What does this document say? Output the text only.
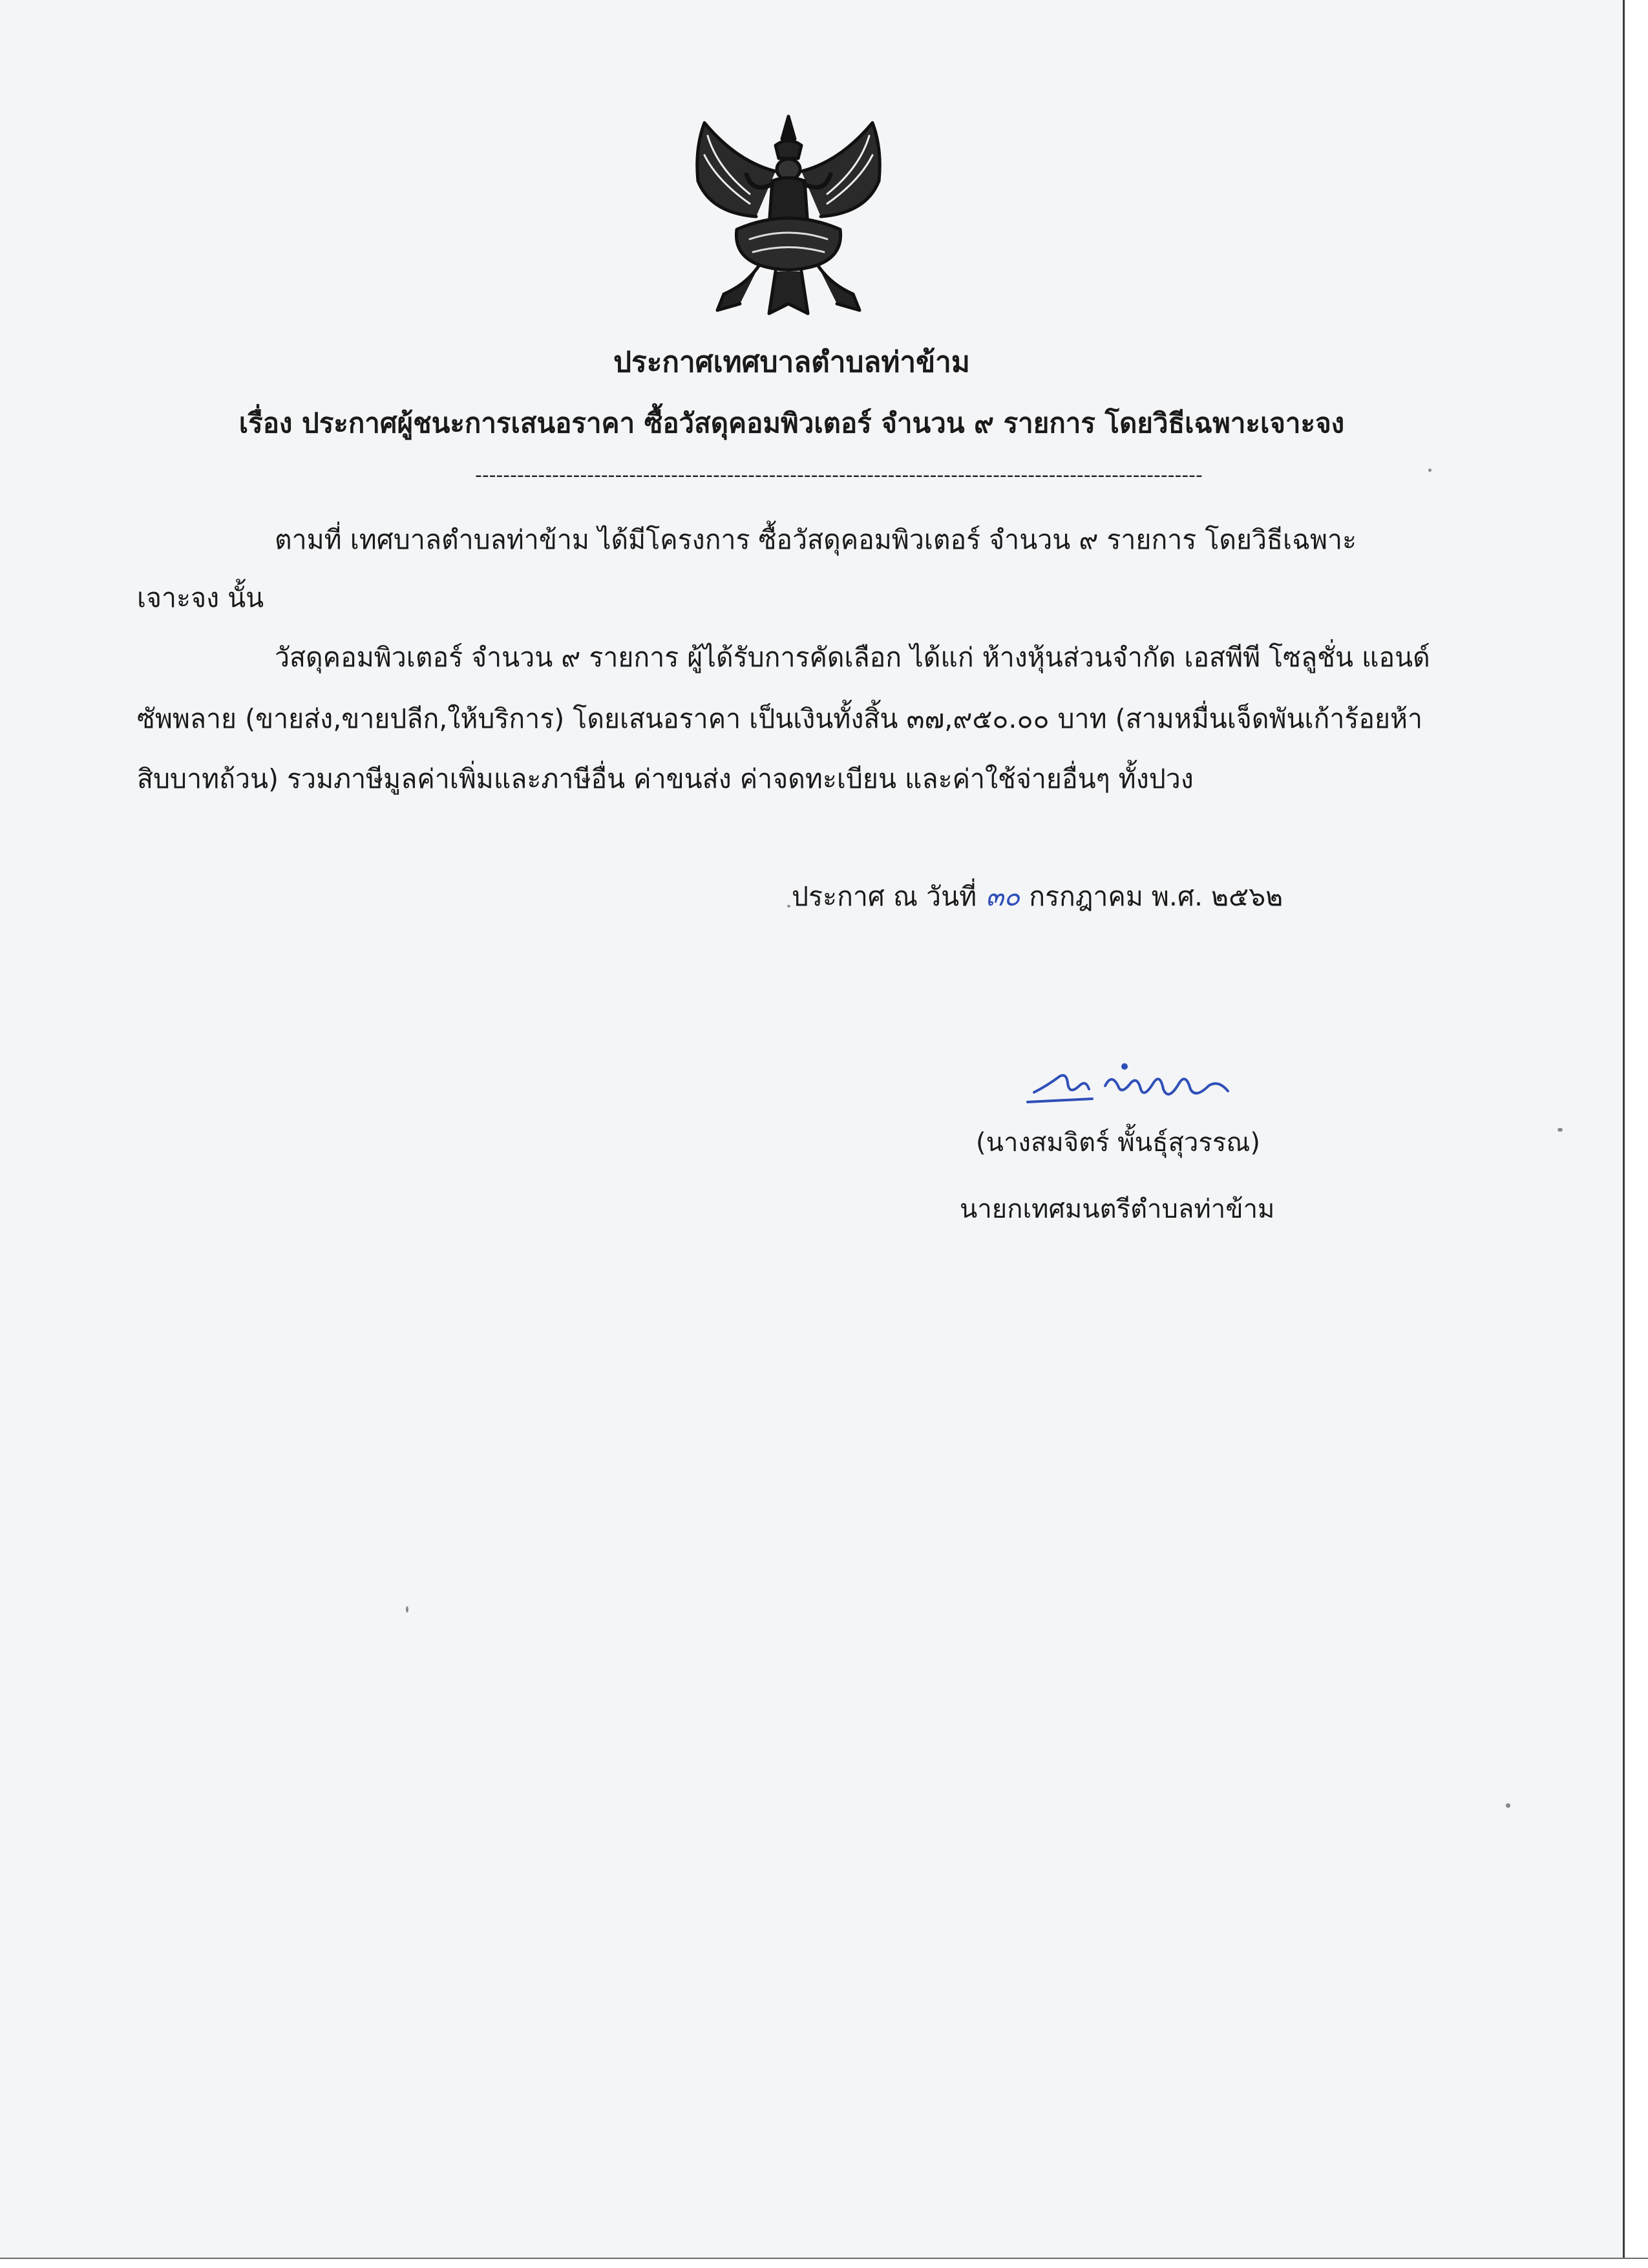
ประกาศเทศบาลตำบลท่าข้าม
เรื่อง ประกาศผู้ชนะการเสนอราคา ซื้อวัสดุคอมพิวเตอร์ จำนวน ๙ รายการ โดยวิธีเฉพาะเจาะจง
--------------------------------------------------------------------------------------------------------
ตามที่ เทศบาลตำบลท่าข้าม ได้มีโครงการ ซื้อวัสดุคอมพิวเตอร์ จำนวน ๙ รายการ โดยวิธีเฉพาะ
เจาะจง นั้น
วัสดุคอมพิวเตอร์ จำนวน ๙ รายการ ผู้ได้รับการคัดเลือก ได้แก่ ห้างหุ้นส่วนจำกัด เอสพีพี โซลูชั่น แอนด์
ซัพพลาย (ขายส่ง,ขายปลีก,ให้บริการ) โดยเสนอราคา เป็นเงินทั้งสิ้น ๓๗,๙๕๐.๐๐ บาท (สามหมื่นเจ็ดพันเก้าร้อยห้า
สิบบาทถ้วน) รวมภาษีมูลค่าเพิ่มและภาษีอื่น ค่าขนส่ง ค่าจดทะเบียน และค่าใช้จ่ายอื่นๆ ทั้งปวง
ประกาศ ณ วันที่ ๓๐ กรกฎาคม พ.ศ. ๒๕๖๒
(นางสมจิตร์ พั้นธุ์สุวรรณ)
นายกเทศมนตรีตำบลท่าข้าม
